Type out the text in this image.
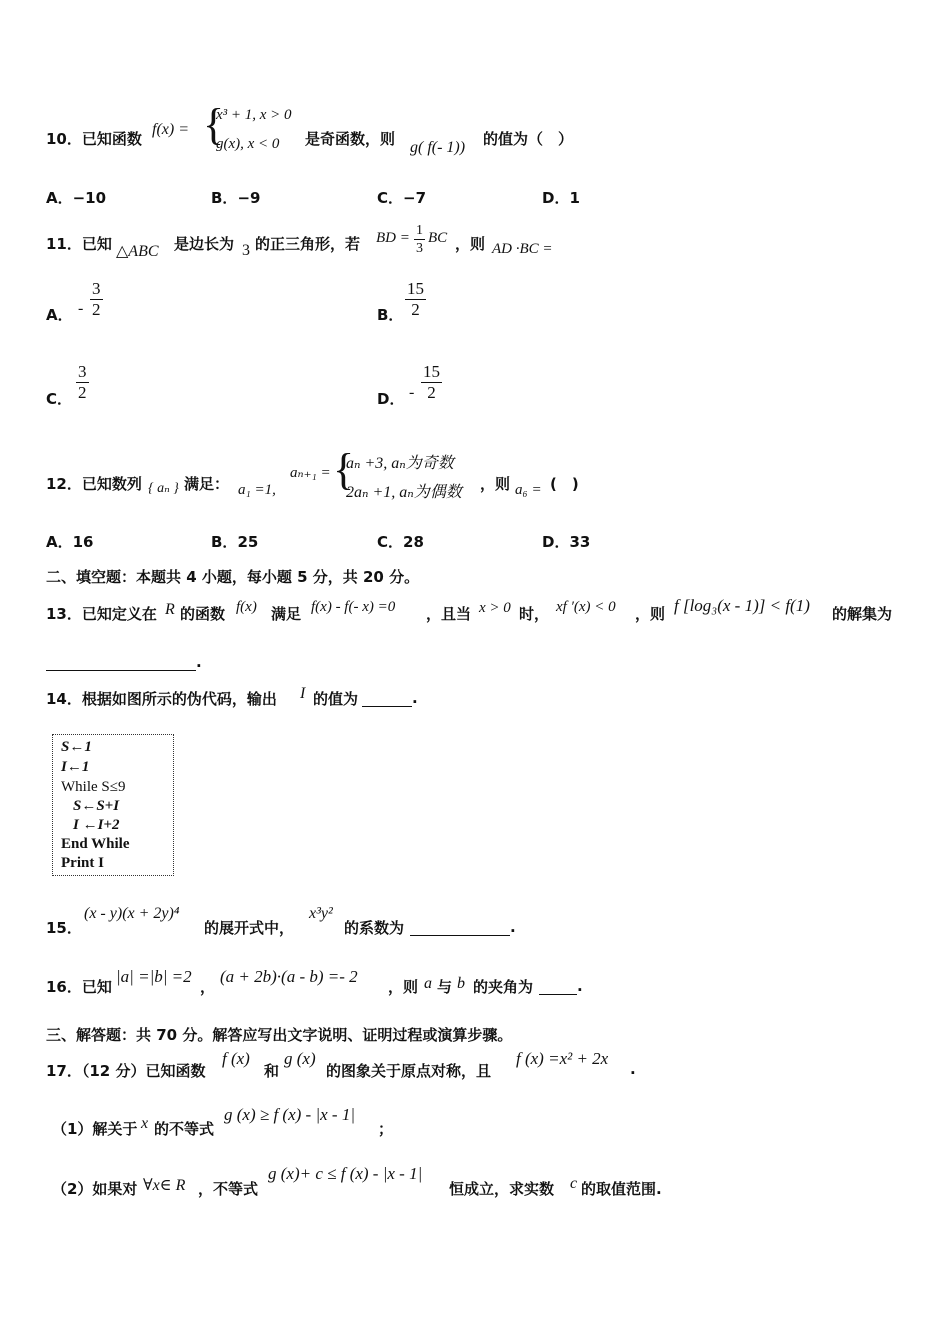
10．已知函数
f(x) = {
x³ + 1, x > 0
g(x), x < 0 是奇函数，则 g( f(- 1)) 的值为（　）
A．−10	B．−9	C．−7	D．1
11．已知 △ABC 是边长为 3 的正三角形，若 BD = $\frac{1}{3}$ BC ，则 AD ·BC =
A． - $\frac{3}{2}$	B． $\frac{15}{2}$
C． $\frac{3}{2}$	D． - $\frac{15}{2}$
12．已知数列 { aₙ } 满足： a₁ =1,
aₙ₊₁ = {
aₙ +3, aₙ为奇数
2aₙ +1, aₙ为偶数 ，则 a₆ = (　)
A．16	B．25	C．28	D．33
二、填空题：本题共 4 小题，每小题 5 分，共 20 分。
13．已知定义在 R 的函数 f(x) 满足 f(x) - f(- x) =0 ，且当 x > 0 时， xf ′(x) < 0 ，则 f [log₃(x - 1)] < f(1) 的解集为
.
14．根据如图所示的伪代码，输出 I 的值为	.
S←1
I←1
While S≤9
S←S+I
I ←I+2
End While
Print I
15．
(x - y)(x + 2y)⁴
的展开式中，
x³y²
的系数为	.
16．已知
|a| =|b| =2
，
(a + 2b)·(a - b) =- 2
，则 a 与 b 的夹角为	.
三、解答题：共 70 分。解答应写出文字说明、证明过程或演算步骤。
17．（12 分）已知函数
f (x)
和
g (x)
的图象关于原点对称，且
f (x) =x² + 2x
.
（1）解关于 x 的不等式
g (x) ≥ f (x) - |x - 1|
；
（2）如果对 ∀x∈ R ，不等式
g (x)+ c ≤ f (x) - |x - 1|
恒成立，求实数 c 的取值范围.
